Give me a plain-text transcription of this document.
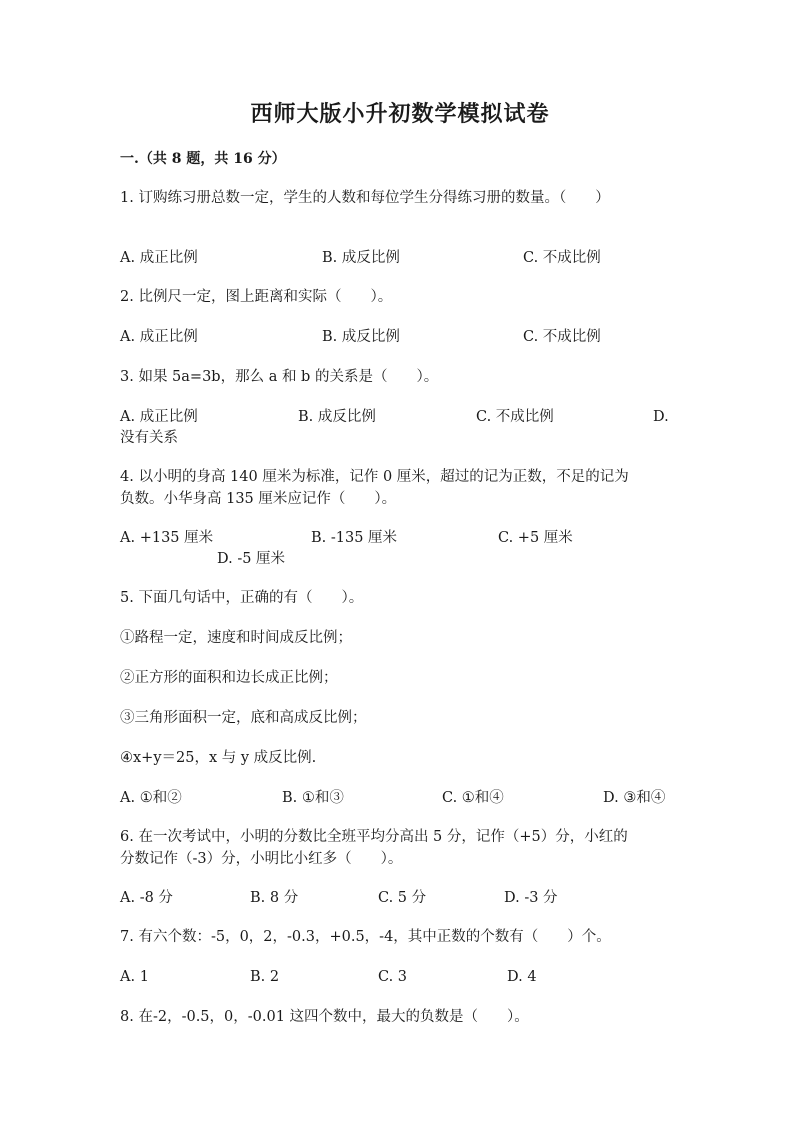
西师大版小升初数学模拟试卷

一.（共 8 题，共 16 分）

1. 订购练习册总数一定，学生的人数和每位学生分得练习册的数量。（　　）

A. 成正比例	B. 成反比例	C. 不成比例

2. 比例尺一定，图上距离和实际（　　）。

A. 成正比例	B. 成反比例	C. 不成比例

3. 如果 5a=3b，那么 a 和 b 的关系是（　　）。

A. 成正比例	B. 成反比例	C. 不成比例	D.
没有关系

4. 以小明的身高 140 厘米为标准，记作 0 厘米，超过的记为正数，不足的记为
负数。小华身高 135 厘米应记作（　　）。

A. +135 厘米	B. -135 厘米	C. +5 厘米
D. -5 厘米

5. 下面几句话中，正确的有（　　）。

①路程一定，速度和时间成反比例；

②正方形的面积和边长成正比例；

③三角形面积一定，底和高成反比例；

④x+y＝25，x 与 y 成反比例.

A. ①和②	B. ①和③	C. ①和④	D. ③和④

6. 在一次考试中，小明的分数比全班平均分高出 5 分，记作（+5）分，小红的
分数记作（-3）分，小明比小红多（　　）。

A. -8 分	B. 8 分	C. 5 分	D. -3 分

7. 有六个数：-5，0，2，-0.3，+0.5，-4，其中正数的个数有（　　）个。

A. 1	B. 2	C. 3	D. 4

8. 在-2，-0.5，0，-0.01 这四个数中，最大的负数是（　　）。
